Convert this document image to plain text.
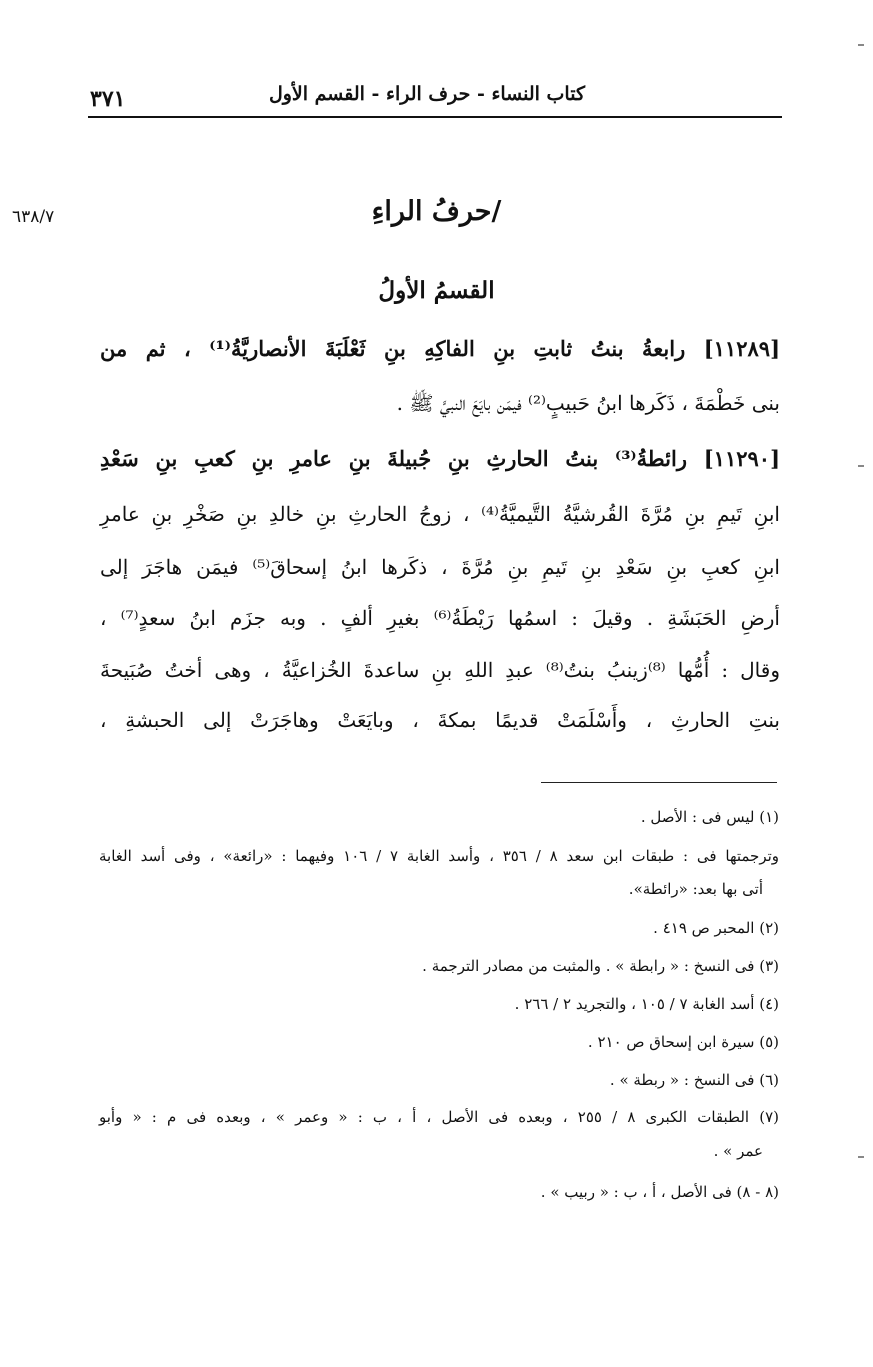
كتاب النساء - حرف الراء - القسم الأول
٣٧١
٦٣٨/٧	/حرفُ الراءِ
القسمُ الأولُ
[١١٢٨٩] رابعةُ بنتُ ثابتِ بنِ الفاكِهِ بنِ ثَعْلَبَةَ الأنصاريَّةُ⁽¹⁾ ، ثم من
بنى خَطْمَةَ ، ذَكَرها ابنُ حَبيبٍ⁽²⁾ فيمَن بايَعَ النبيَّ ﷺ .
[١١٢٩٠] رائطةُ⁽³⁾ بنتُ الحارثِ بنِ جُبيلةَ بنِ عامرِ بنِ كعبِ بنِ سَعْدِ
ابنِ تَيمِ بنِ مُرَّةَ القُرشيَّةُ التَّيميَّةُ⁽⁴⁾ ، زوجُ الحارثِ بنِ خالدِ بنِ صَخْرِ بنِ عامرِ
ابنِ كعبِ بنِ سَعْدِ بنِ تَيمِ بنِ مُرَّةَ ، ذكَرها ابنُ إسحاقَ⁽⁵⁾ فيمَن هاجَرَ إلى
أرضِ الحَبَشَةِ . وقيلَ : اسمُها رَيْطَةُ⁽⁶⁾ بغيرِ ألفٍ . وبه جزَم ابنُ سعدٍ⁽⁷⁾ ،
وقال : أُمُّها ⁽⁸⁾زينبُ بنتُ⁽⁸⁾ عبدِ اللهِ بنِ ساعدةَ الخُزاعيَّةُ ، وهى أختُ صُبَيحةَ
بنتِ الحارثِ ، وأَسْلَمَتْ قديمًا بمكةَ ، وبايَعَتْ وهاجَرَتْ إلى الحبشةِ ،
(١) ليس فى : الأصل .
وترجمتها فى : طبقات ابن سعد ٨ / ٣٥٦ ، وأسد الغابة ٧ / ١٠٦ وفيهما : «رائعة» ، وفى أسد الغابة
أتى بها بعد: «رائطة».
(٢) المحبر ص ٤١٩ .
(٣) فى النسخ : « رابطة » . والمثبت من مصادر الترجمة .
(٤) أسد الغابة ٧ / ١٠٥ ، والتجريد ٢ / ٢٦٦ .
(٥) سيرة ابن إسحاق ص ٢١٠ .
(٦) فى النسخ : « ربطة » .
(٧) الطبقات الكبرى ٨ / ٢٥٥ ، وبعده فى الأصل ، أ ، ب : « وعمر » ، وبعده فى م : « وأبو
عمر » .
(٨ - ٨) فى الأصل ، أ ، ب : « ربيب » .
